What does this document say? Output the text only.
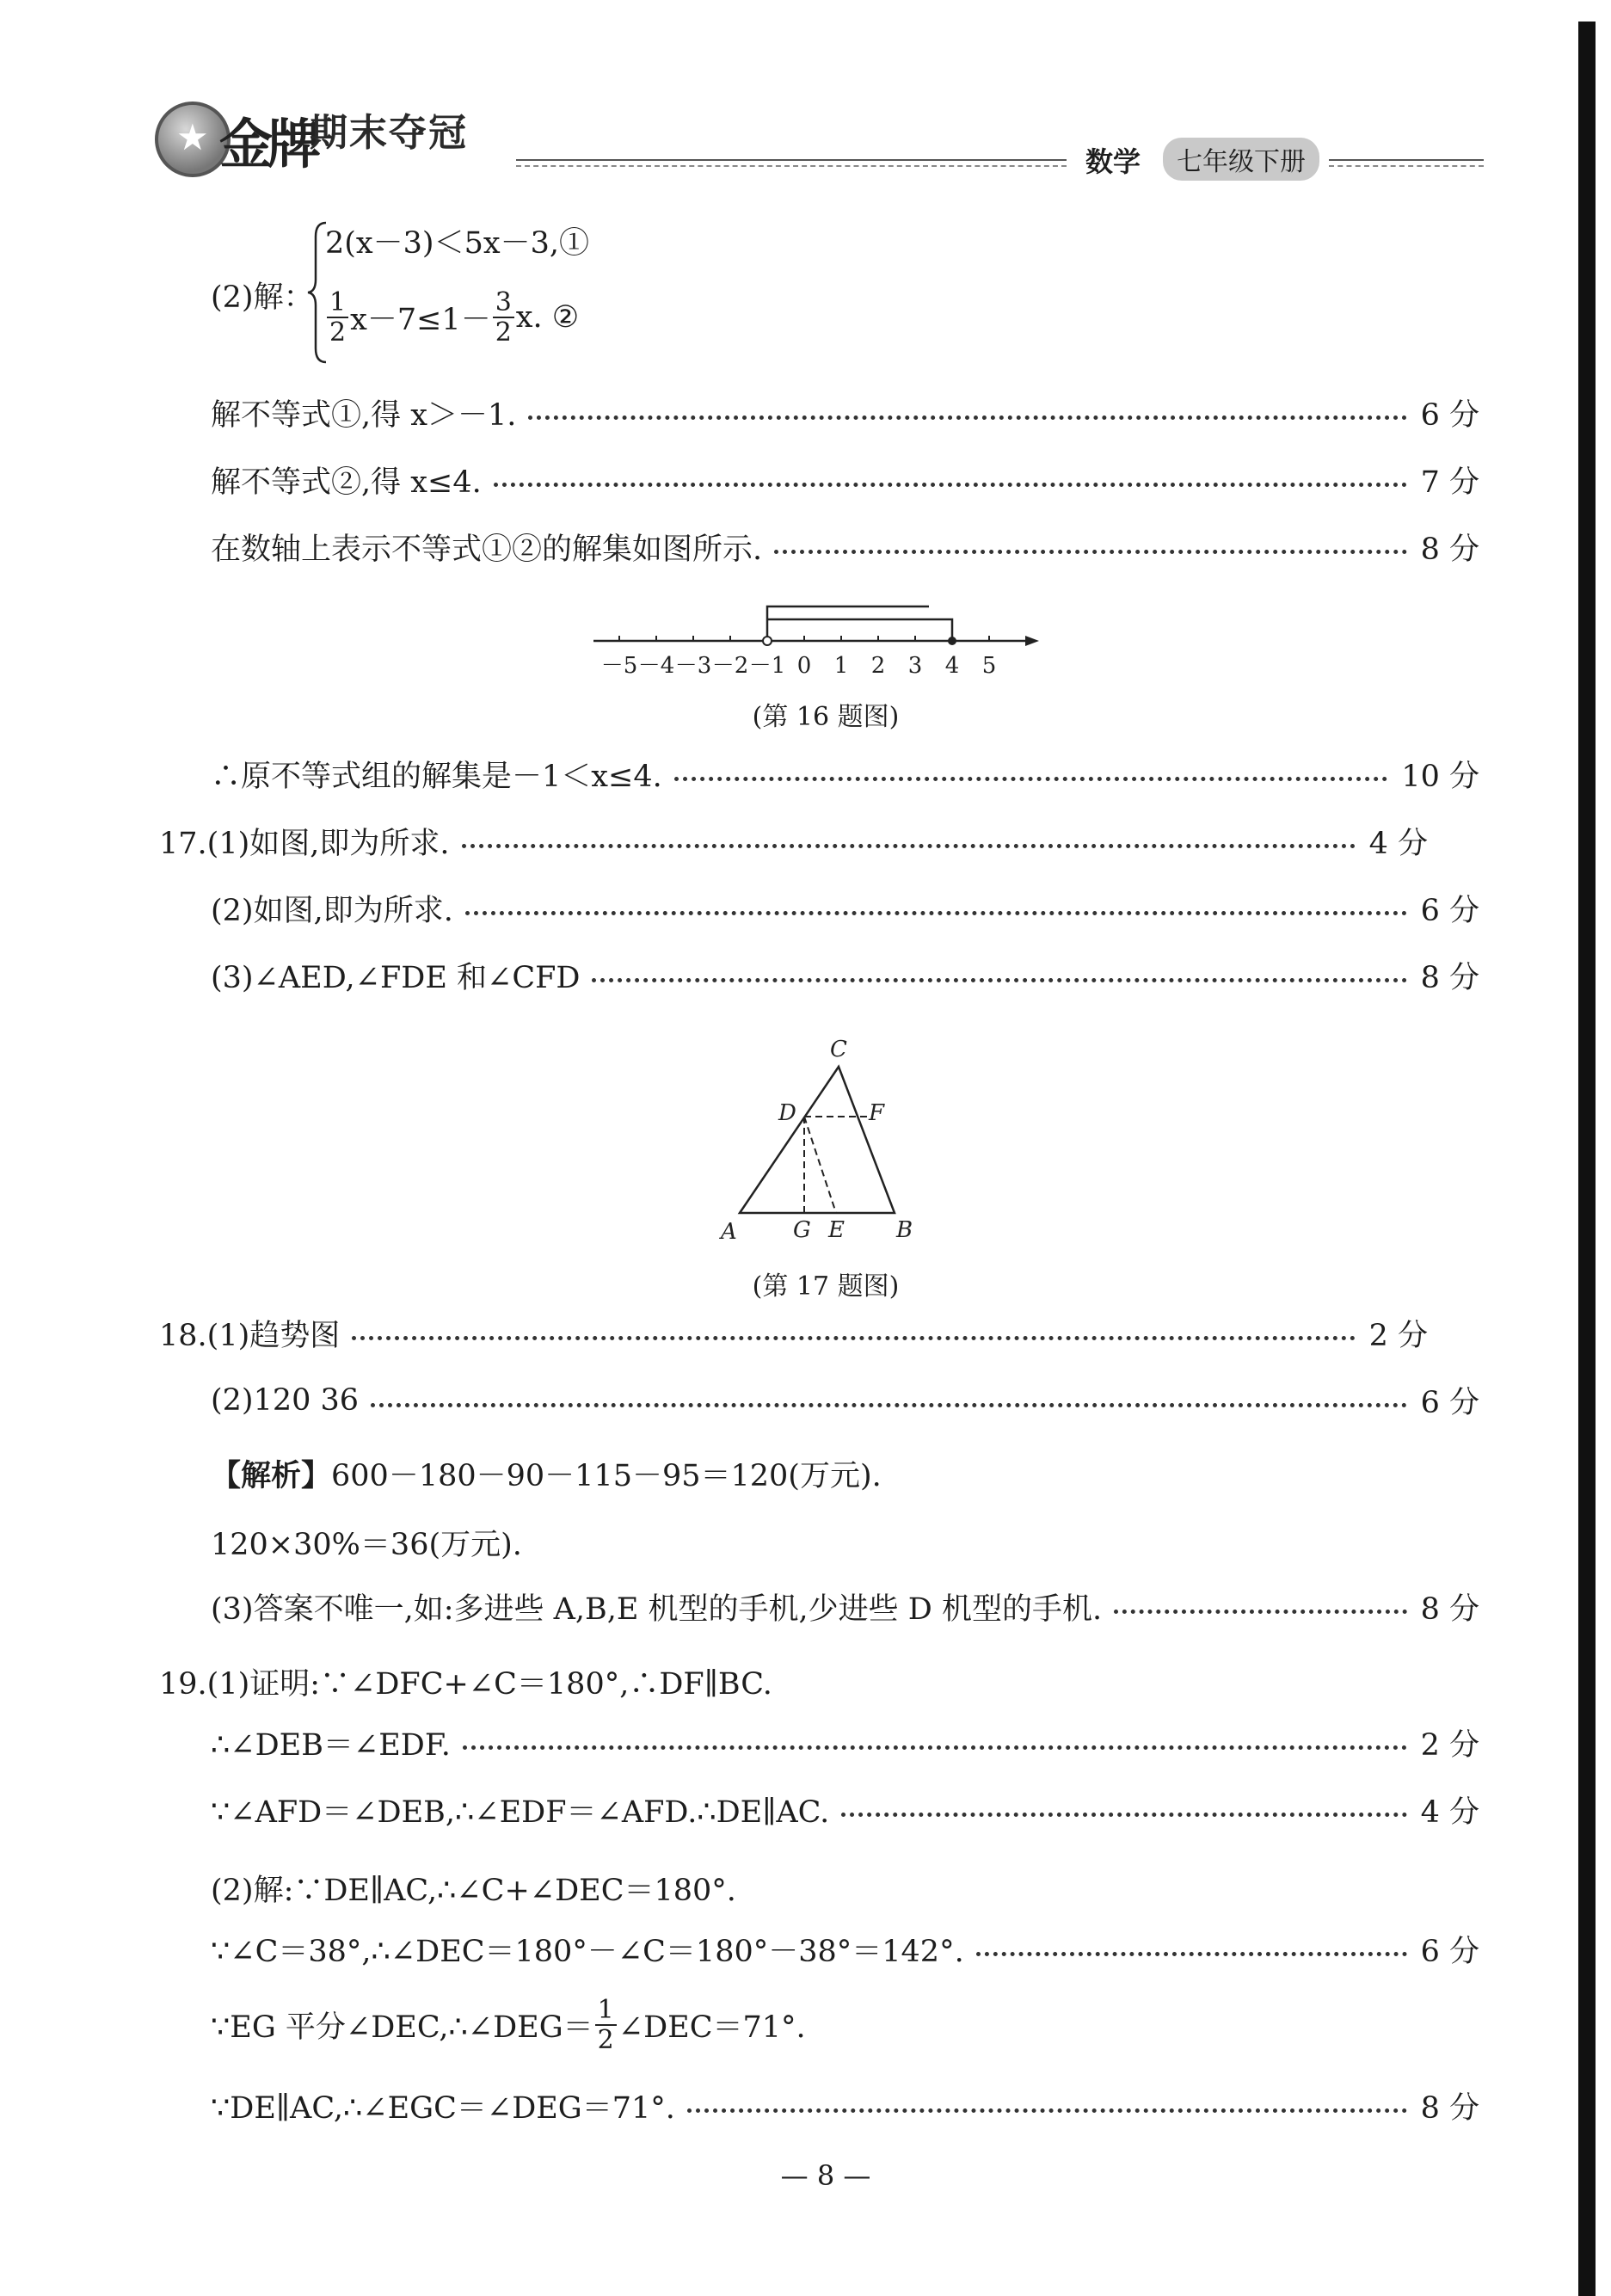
★ 金牌
期末夺冠
数学	七年级下册
(2)解：
2(x－3)＜5x－3,①
$\frac{1}{2} x-7\le 1- \frac{3}{2} x$. ②
解不等式①,得 x＞－1.	6 分
解不等式②,得 x≤4.	7 分
在数轴上表示不等式①②的解集如图所示.	8 分
－5 －4 －3 －2 －1 0 1 2 3 4 5
(第 16 题图)
∴原不等式组的解集是－1＜x≤4.	10 分
17.(1)如图,即为所求.	4 分
(2)如图,即为所求.	6 分
(3)∠AED,∠FDE 和∠CFD	8 分
C
D	F
A	G E B
(第 17 题图)
18.(1)趋势图	2 分
(2)120 36	6 分
【解析】600－180－90－115－95＝120(万元).
120×30%＝36(万元).
(3)答案不唯一,如:多进些 A,B,E 机型的手机,少进些 D 机型的手机.	8 分
19.(1)证明:∵∠DFC+∠C＝180°,∴DF∥BC.
∴∠DEB＝∠EDF.	2 分
∵∠AFD＝∠DEB,∴∠EDF＝∠AFD.∴DE∥AC.	4 分
(2)解:∵DE∥AC,∴∠C+∠DEC＝180°.
∵∠C＝38°,∴∠DEC＝180°－∠C＝180°－38°＝142°.	6 分
∵EG 平分∠DEC,∴∠DEG＝ $\frac{1}{2}$ ∠DEC＝71°.
∵DE∥AC,∴∠EGC＝∠DEG＝71°.	8 分
— 8 —
